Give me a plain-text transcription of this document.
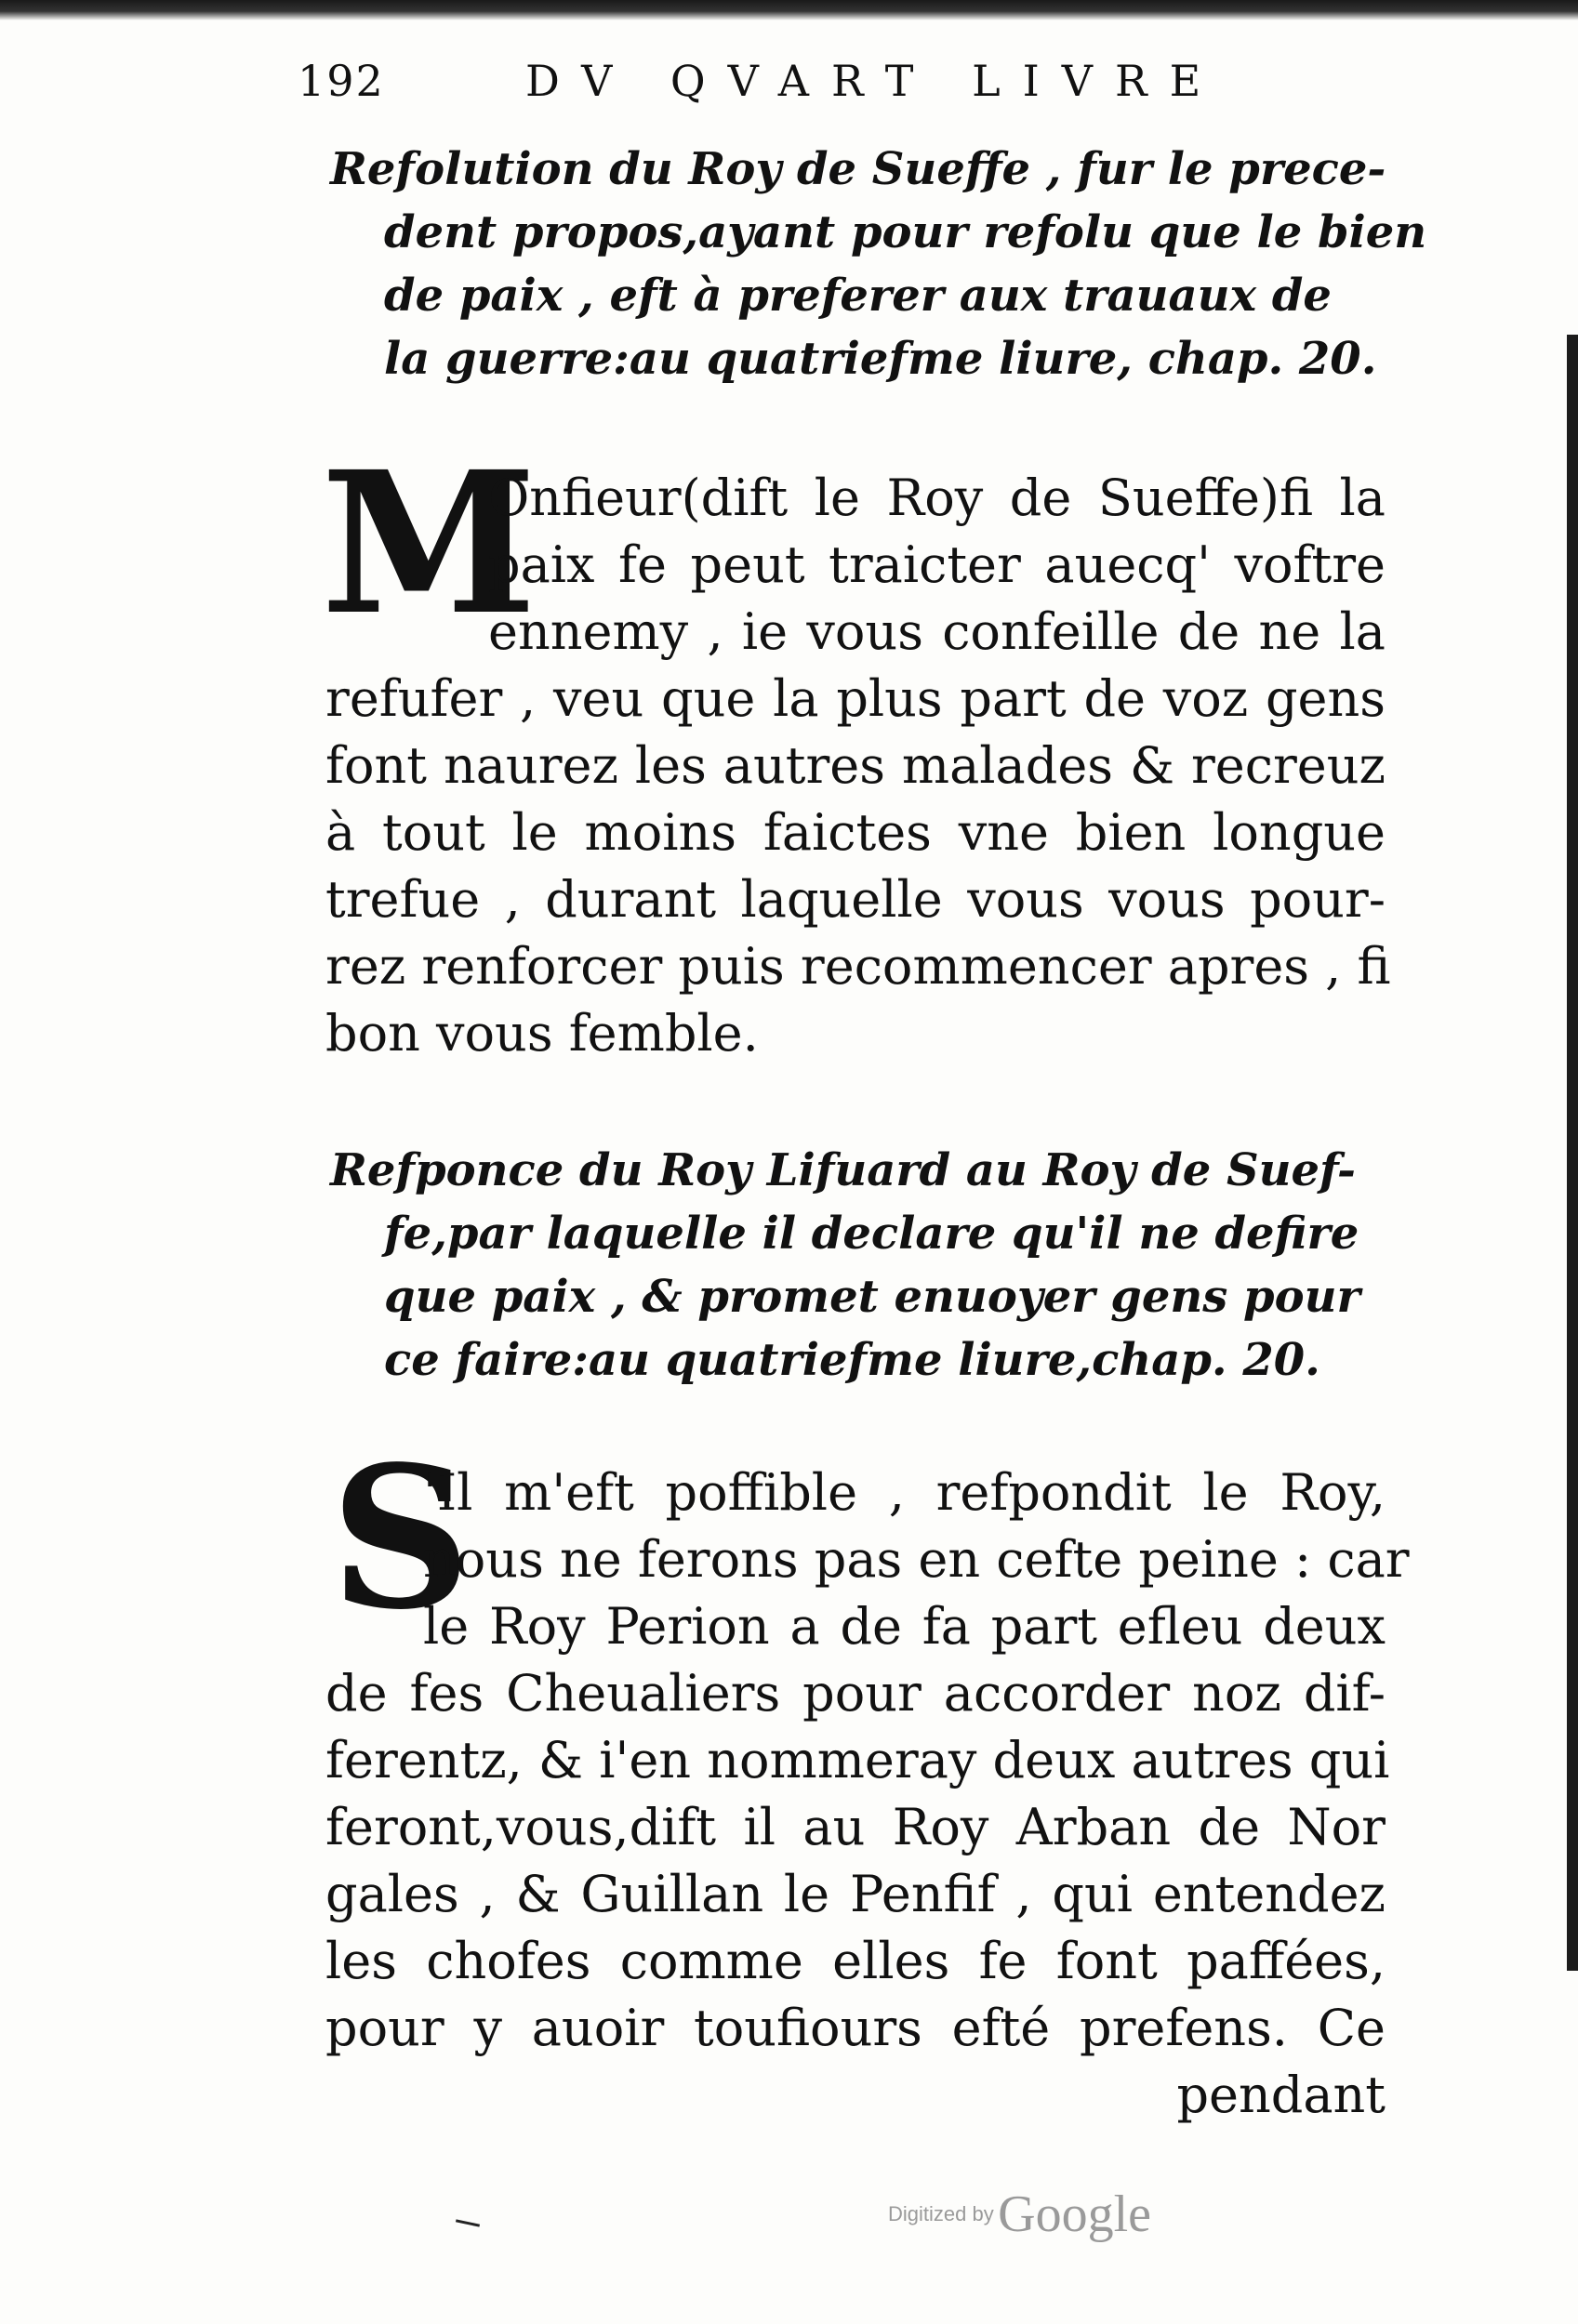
192	DV QVART LIVRE
Refolution du Roy de Sueffe , fur le prece-
dent propos,ayant pour refolu que le bien
de paix , eft à preferer aux trauaux de
la guerre:au quatriefme liure, chap. 20.
M
Onfieur(dift le Roy de Sueffe)fi la
paix fe peut traicter auecq' voftre
ennemy , ie vous confeille de ne la
refufer , veu que la plus part de voz gens
font naurez les autres malades & recreuz
à tout le moins faictes vne bien longue
trefue , durant laquelle vous vous pour-
rez renforcer puis recommencer apres , fi
bon vous femble.
Refponce du Roy Lifuard au Roy de Suef-
fe,par laquelle il declare qu'il ne defire
que paix , & promet enuoyer gens pour
ce faire:au quatriefme liure,chap. 20.
S
'Il m'eft poffible , refpondit le Roy,
nous ne ferons pas en cefte peine : car
le Roy Perion a de fa part efleu deux
de fes Cheualiers pour accorder noz dif-
ferentz, & i'en nommeray deux autres qui
feront,vous,dift il au Roy Arban de Nor
gales , & Guillan le Penfif , qui entendez
les chofes comme elles fe font paffées,
pour y auoir toufiours efté prefens. Ce
pendant
Digitized by Google
